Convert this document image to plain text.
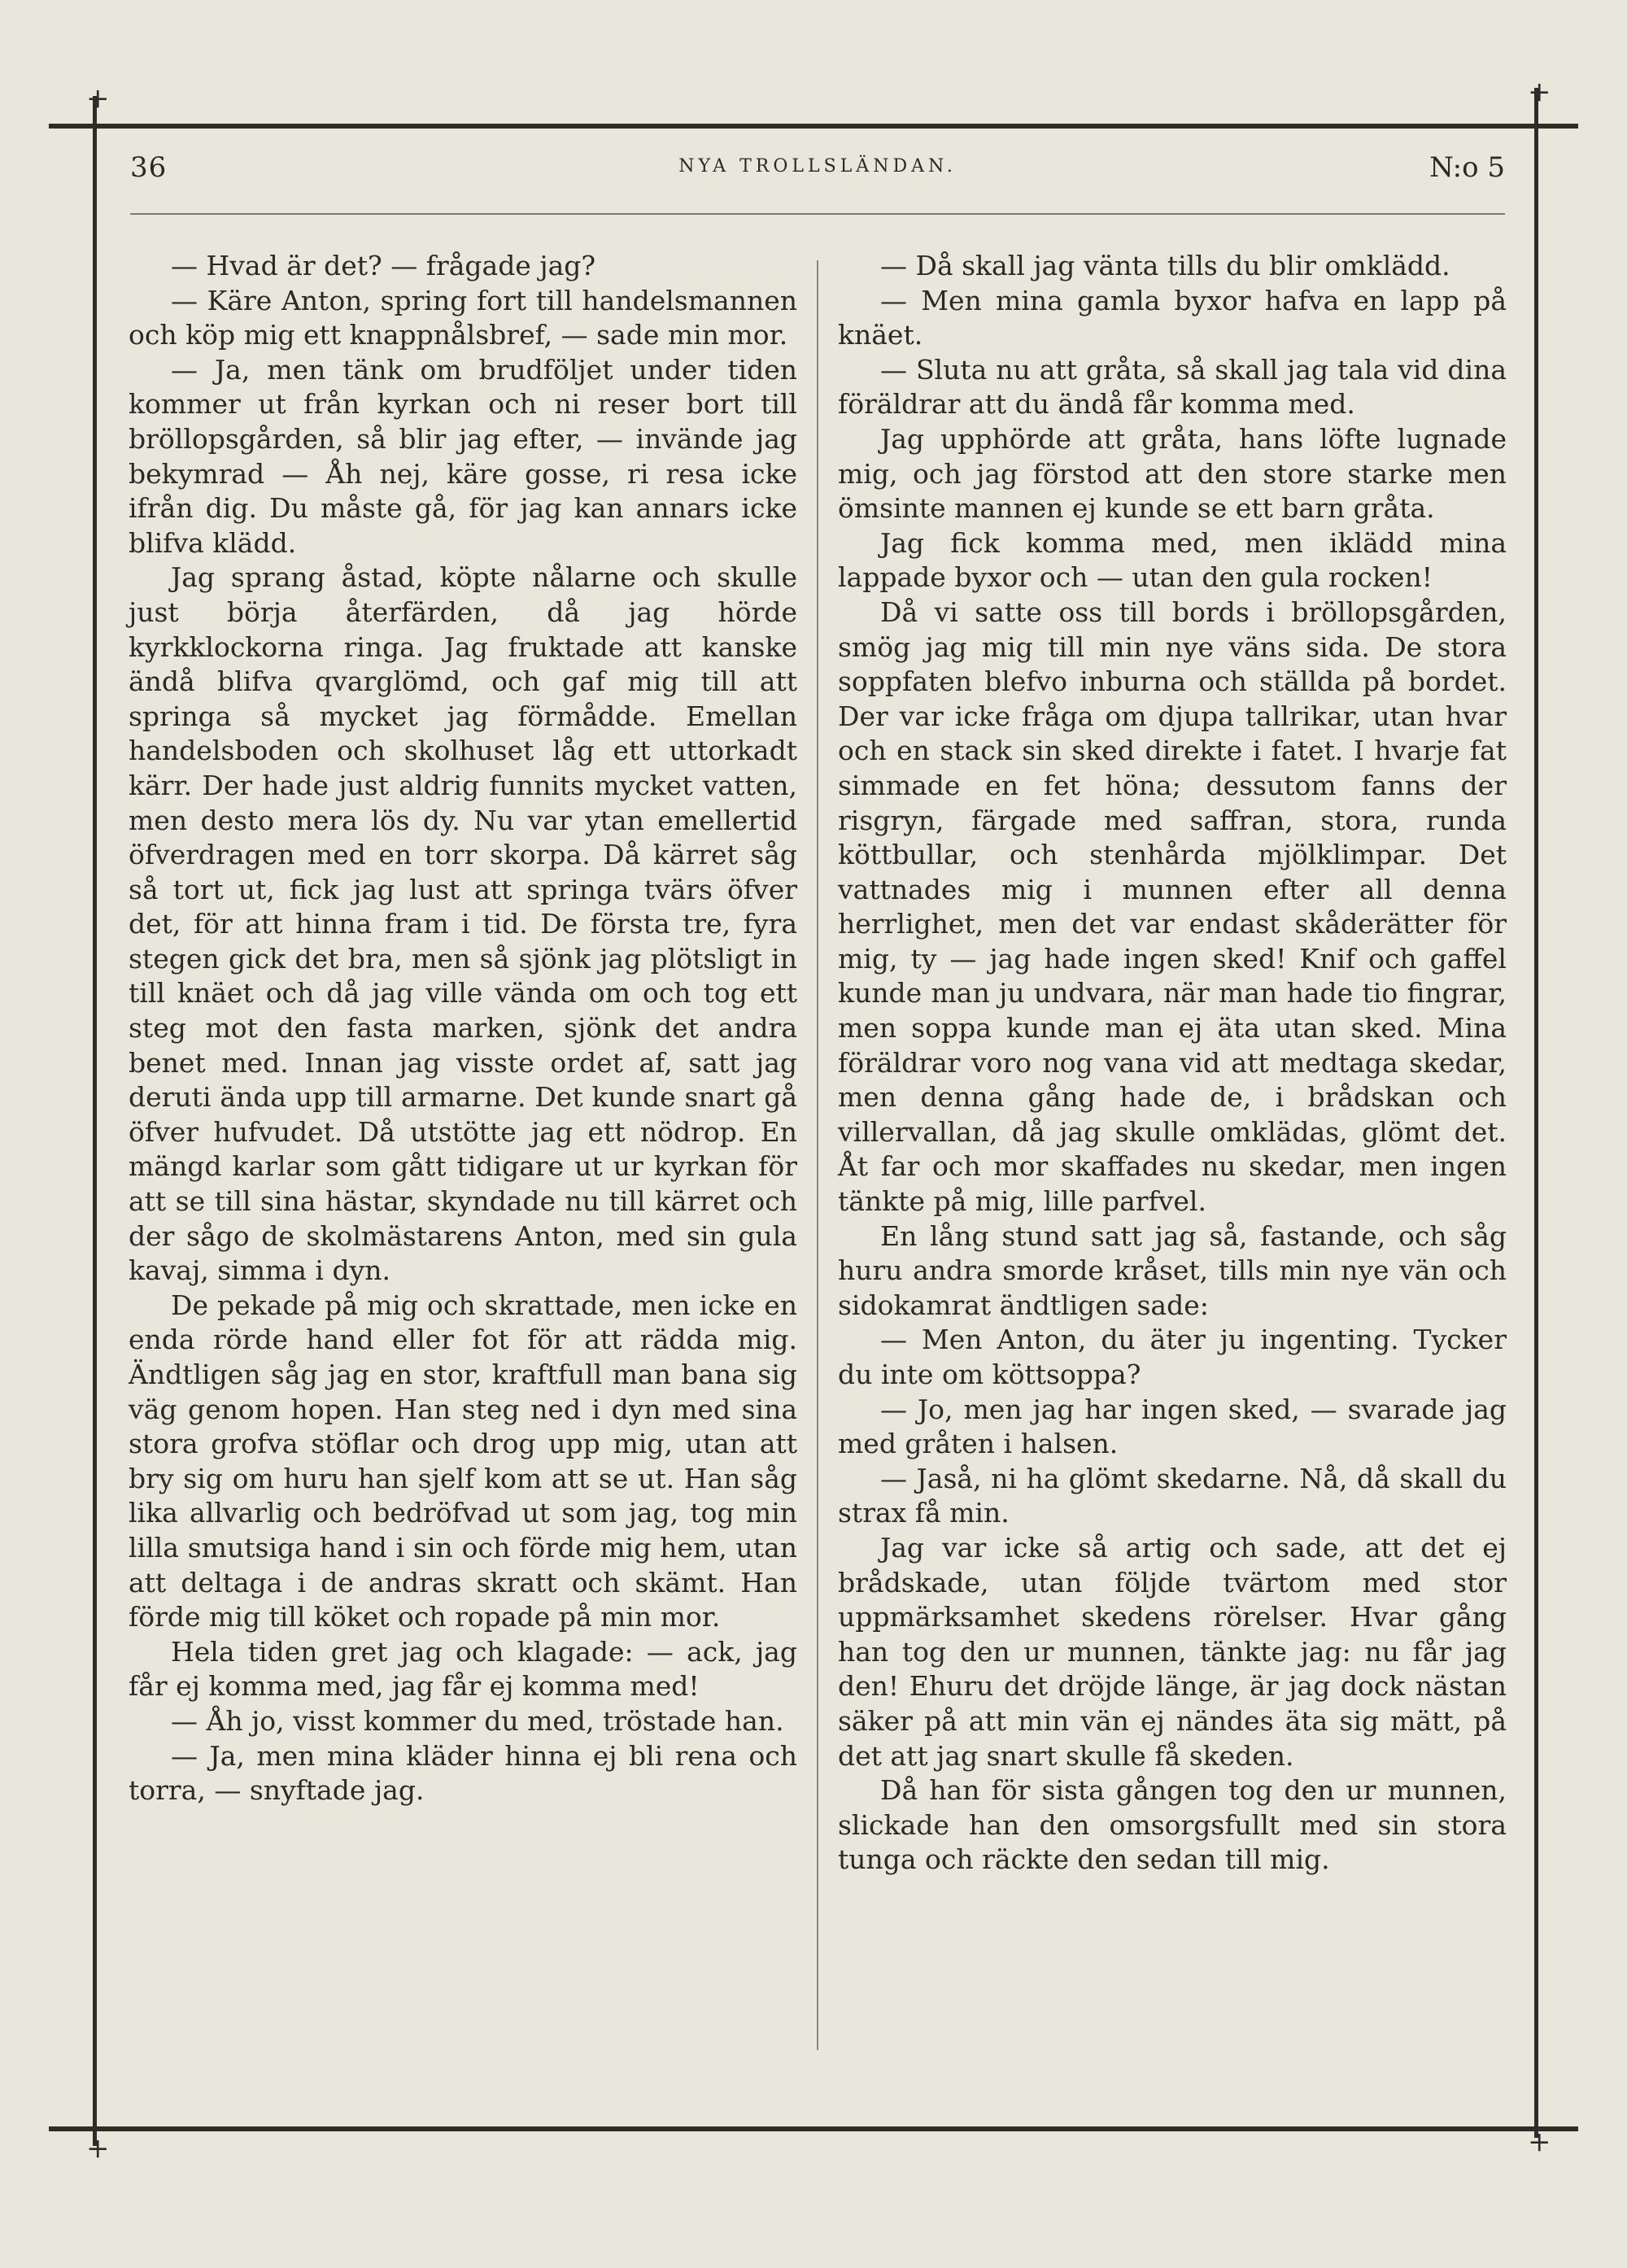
+	+
+	+
36	NYA TROLLSLÄNDAN.	N:o 5

— Hvad är det? — frågade jag?

— Käre Anton, spring fort till handelsmannen och köp mig ett knappnålsbref, — sade min mor.

— Ja, men tänk om brudföljet under tiden kommer ut från kyrkan och ni reser bort till bröllopsgården, så blir jag efter, — invände jag bekymrad — Åh nej, käre gosse, ri resa icke ifrån dig. Du måste gå, för jag kan annars icke blifva klädd.

Jag sprang åstad, köpte nålarne och skulle just börja återfärden, då jag hörde kyrkklockorna ringa. Jag fruktade att kanske ändå blifva qvarglömd, och gaf mig till att springa så mycket jag förmådde. Emellan handelsboden och skolhuset låg ett uttorkadt kärr. Der hade just aldrig funnits mycket vatten, men desto mera lös dy. Nu var ytan emellertid öfverdragen med en torr skorpa. Då kärret såg så tort ut, fick jag lust att springa tvärs öfver det, för att hinna fram i tid. De första tre, fyra stegen gick det bra, men så sjönk jag plötsligt in till knäet och då jag ville vända om och tog ett steg mot den fasta marken, sjönk det andra benet med. Innan jag visste ordet af, satt jag deruti ända upp till armarne. Det kunde snart gå öfver hufvudet. Då utstötte jag ett nödrop. En mängd karlar som gått tidigare ut ur kyrkan för att se till sina hästar, skyndade nu till kärret och der sågo de skolmästarens Anton, med sin gula kavaj, simma i dyn.

De pekade på mig och skrattade, men icke en enda rörde hand eller fot för att rädda mig. Ändtligen såg jag en stor, kraftfull man bana sig väg genom hopen. Han steg ned i dyn med sina stora grofva stöflar och drog upp mig, utan att bry sig om huru han sjelf kom att se ut. Han såg lika allvarlig och bedröfvad ut som jag, tog min lilla smutsiga hand i sin och förde mig hem, utan att deltaga i de andras skratt och skämt. Han förde mig till köket och ropade på min mor.

Hela tiden gret jag och klagade: — ack, jag får ej komma med, jag får ej komma med!

— Åh jo, visst kommer du med, tröstade han.

— Ja, men mina kläder hinna ej bli rena och torra, — snyftade jag.

— Då skall jag vänta tills du blir omklädd.

— Men mina gamla byxor hafva en lapp på knäet.

— Sluta nu att gråta, så skall jag tala vid dina föräldrar att du ändå får komma med.

Jag upphörde att gråta, hans löfte lugnade mig, och jag förstod att den store starke men ömsinte mannen ej kunde se ett barn gråta.

Jag fick komma med, men iklädd mina lappade byxor och — utan den gula rocken!

Då vi satte oss till bords i bröllopsgården, smög jag mig till min nye väns sida. De stora soppfaten blefvo inburna och ställda på bordet. Der var icke fråga om djupa tallrikar, utan hvar och en stack sin sked direkte i fatet. I hvarje fat simmade en fet höna; dessutom fanns der risgryn, färgade med saffran, stora, runda köttbullar, och stenhårda mjölklimpar. Det vattnades mig i munnen efter all denna herrlighet, men det var endast skåderätter för mig, ty — jag hade ingen sked! Knif och gaffel kunde man ju undvara, när man hade tio fingrar, men soppa kunde man ej äta utan sked. Mina föräldrar voro nog vana vid att medtaga skedar, men denna gång hade de, i brådskan och villervallan, då jag skulle omklädas, glömt det. Åt far och mor skaffades nu skedar, men ingen tänkte på mig, lille parfvel.

En lång stund satt jag så, fastande, och såg huru andra smorde kråset, tills min nye vän och sidokamrat ändtligen sade:

— Men Anton, du äter ju ingenting. Tycker du inte om köttsoppa?

— Jo, men jag har ingen sked, — svarade jag med gråten i halsen.

— Jaså, ni ha glömt skedarne. Nå, då skall du strax få min.

Jag var icke så artig och sade, att det ej brådskade, utan följde tvärtom med stor uppmärksamhet skedens rörelser. Hvar gång han tog den ur munnen, tänkte jag: nu får jag den! Ehuru det dröjde länge, är jag dock nästan säker på att min vän ej nändes äta sig mätt, på det att jag snart skulle få skeden.

Då han för sista gången tog den ur munnen, slickade han den omsorgsfullt med sin stora tunga och räckte den sedan till mig.
